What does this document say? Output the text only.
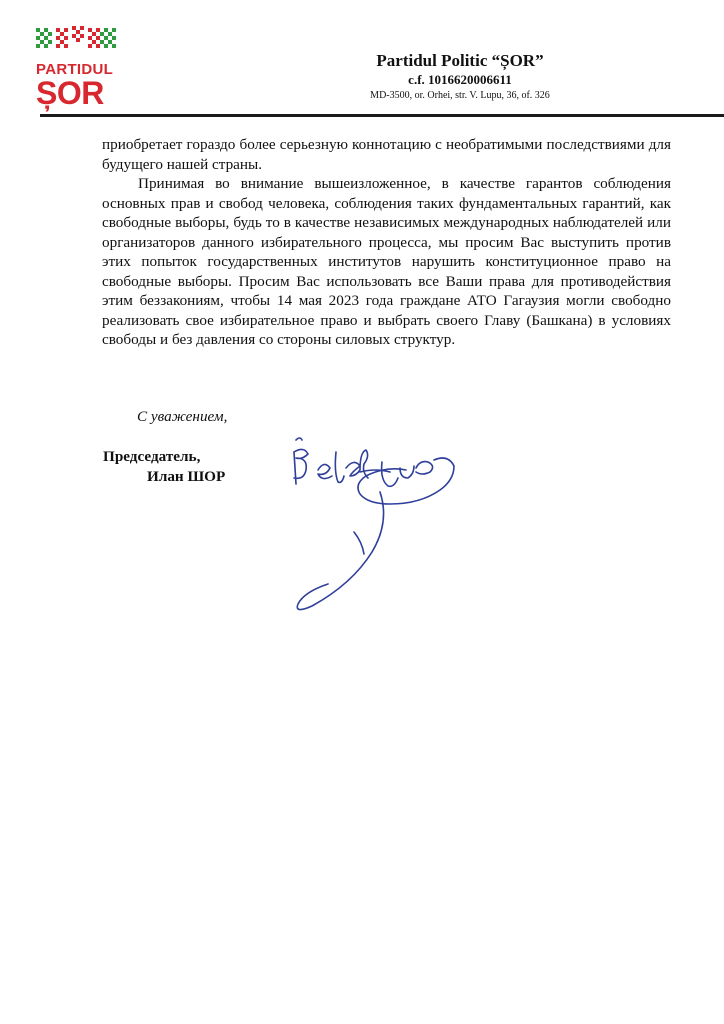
PARTIDUL
ȘOR
Partidul Politic “ȘOR”
c.f. 1016620006611
MD-3500, or. Orhei, str. V. Lupu, 36, of. 326

приобретает гораздо более серьезную коннотацию с необратимыми последствиями для будущего нашей страны.

Принимая во внимание вышеизложенное, в качестве гарантов соблюдения основных прав и свобод человека, соблюдения таких фундаментальных гарантий, как свободные выборы, будь то в качестве независимых международных наблюдателей или организаторов данного избирательного процесса, мы просим Вас выступить против этих попыток государственных институтов нарушить конституционное право на свободные выборы. Просим Вас использовать все Ваши права для противодействия этим беззакониям, чтобы 14 мая 2023 года граждане АТО Гагаузия могли свободно реализовать свое избирательное право и выбрать своего Главу (Башкана) в условиях свободы и без давления со стороны силовых структур.

С уважением,
Председатель,
Илан ШОР
